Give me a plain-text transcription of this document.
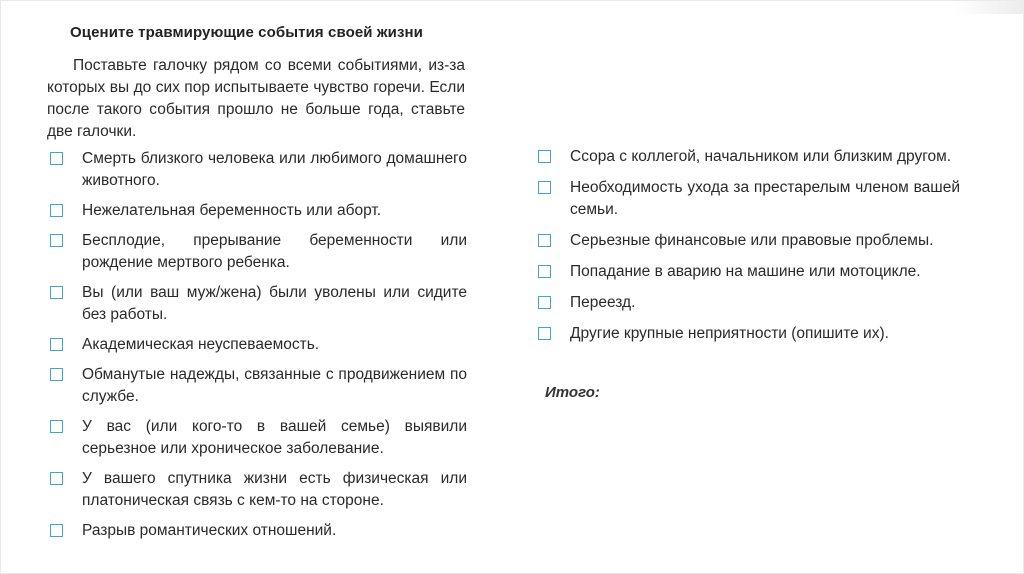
Оцените травмирующие события своей жизни
Поставьте галочку рядом со всеми событиями, из-за которых вы до сих пор испытываете чувство горечи. Если после такого события прошло не больше года, ставьте две галочки.
Смерть близкого человека или любимого домашнего животного.
Нежелательная беременность или аборт.
Бесплодие, прерывание беременности или рождение мертвого ребенка.
Вы (или ваш муж/жена) были уволены или сидите без работы.
Академическая неуспеваемость.
Обманутые надежды, связанные с продвижением по службе.
У вас (или кого-то в вашей семье) выявили серьезное или хроническое заболевание.
У вашего спутника жизни есть физическая или платоническая связь с кем-то на стороне.
Разрыв романтических отношений.
Ссора с коллегой, начальником или близким другом.
Необходимость ухода за престарелым членом вашей семьи.
Серьезные финансовые или правовые проблемы.
Попадание в аварию на машине или мотоцикле.
Переезд.
Другие крупные неприятности (опишите их).
Итого:
